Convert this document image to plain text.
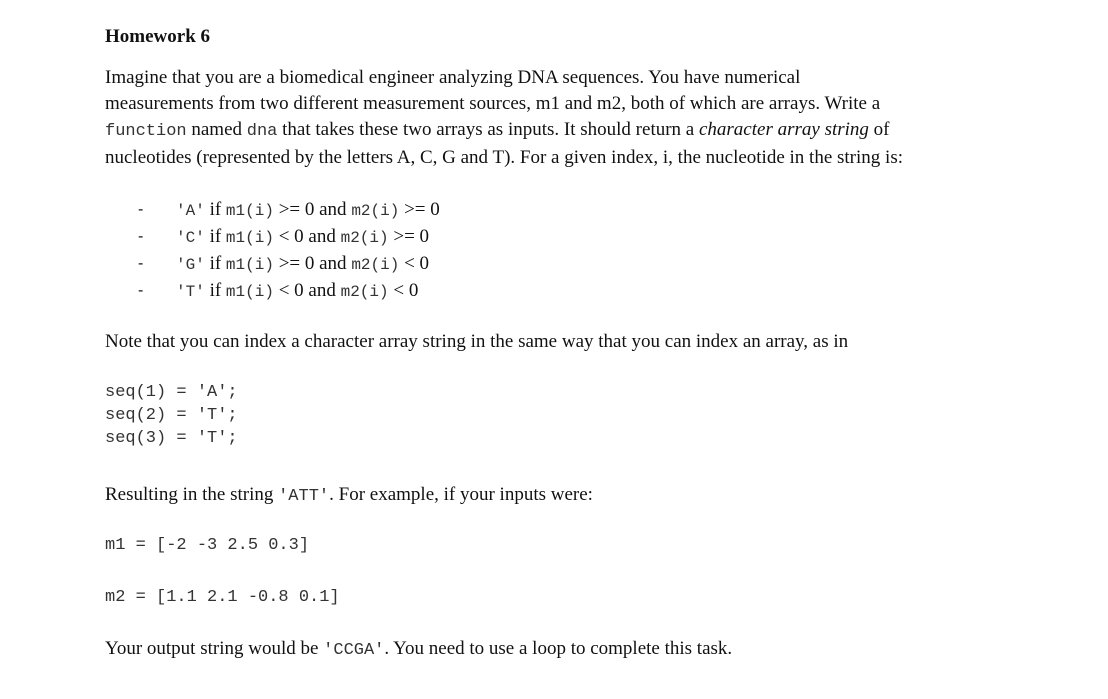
Homework 6
Imagine that you are a biomedical engineer analyzing DNA sequences. You have numerical
measurements from two different measurement sources, m1 and m2, both of which are arrays. Write a
function named dna that takes these two arrays as inputs. It should return a character array string of
nucleotides (represented by the letters A, C, G and T). For a given index, i, the nucleotide in the string is:
- 'A' if m1(i) >= 0 and m2(i) >= 0
- 'C' if m1(i) < 0 and m2(i) >= 0
- 'G' if m1(i) >= 0 and m2(i) < 0
- 'T' if m1(i) < 0 and m2(i) < 0

Note that you can index a character array string in the same way that you can index an array, as in

seq(1) = 'A';
seq(2) = 'T';
seq(3) = 'T';

Resulting in the string 'ATT'. For example, if your inputs were:

m1 = [-2 -3 2.5 0.3]

m2 = [1.1 2.1 -0.8 0.1]

Your output string would be 'CCGA'. You need to use a loop to complete this task.
